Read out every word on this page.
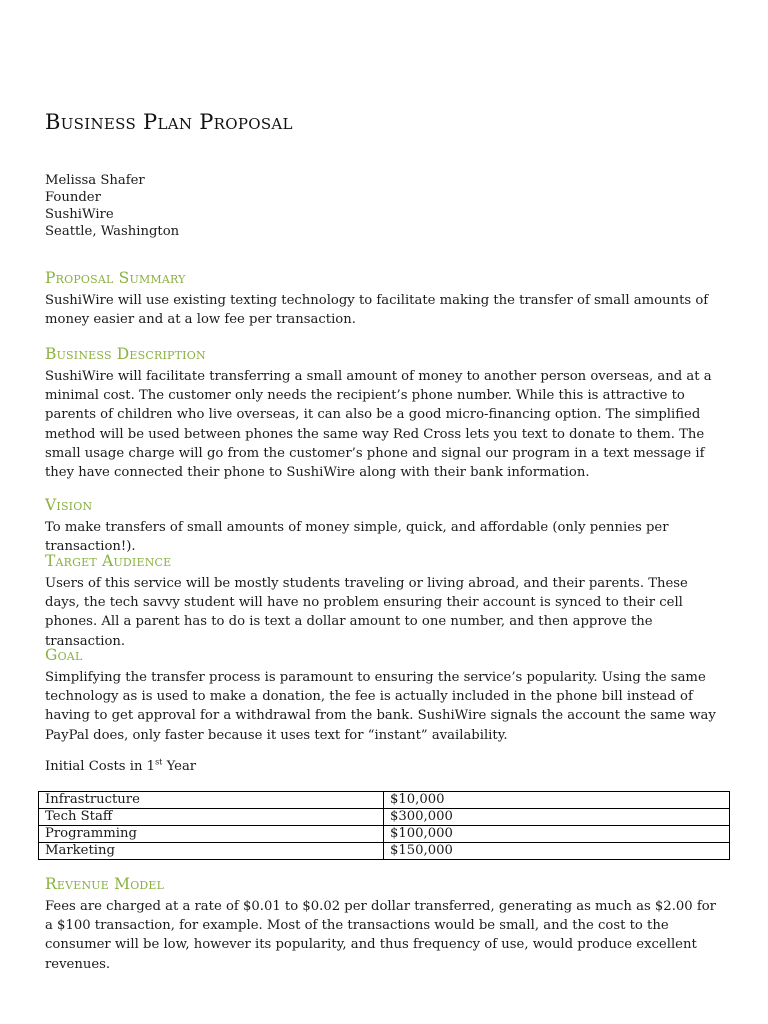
Business Plan Proposal
Melissa Shafer
Founder
SushiWire
Seattle, Washington
Proposal Summary

SushiWire will use existing texting technology to facilitate making the transfer of small amounts of money easier and at a low fee per transaction.

Business Description

SushiWire will facilitate transferring a small amount of money to another person overseas, and at a minimal cost. The customer only needs the recipient’s phone number. While this is attractive to parents of children who live overseas, it can also be a good micro-financing option. The simplified method will be used between phones the same way Red Cross lets you text to donate to them. The small usage charge will go from the customer’s phone and signal our program in a text message if they have connected their phone to SushiWire along with their bank information.

Vision

To make transfers of small amounts of money simple, quick, and affordable (only pennies per transaction!).

Target Audience

Users of this service will be mostly students traveling or living abroad, and their parents. These days, the tech savvy student will have no problem ensuring their account is synced to their cell phones. All a parent has to do is text a dollar amount to one number, and then approve the transaction.

Goal

Simplifying the transfer process is paramount to ensuring the service’s popularity. Using the same technology as is used to make a donation, the fee is actually included in the phone bill instead of having to get approval for a withdrawal from the bank. SushiWire signals the account the same way PayPal does, only faster because it uses text for “instant” availability.

Initial Costs in 1st Year

Infrastructure	$10,000
Tech Staff	$300,000
Programming	$100,000
Marketing	$150,000
Revenue Model

Fees are charged at a rate of $0.01 to $0.02 per dollar transferred, generating as much as $2.00 for a $100 transaction, for example. Most of the transactions would be small, and the cost to the consumer will be low, however its popularity, and thus frequency of use, would produce excellent revenues.
